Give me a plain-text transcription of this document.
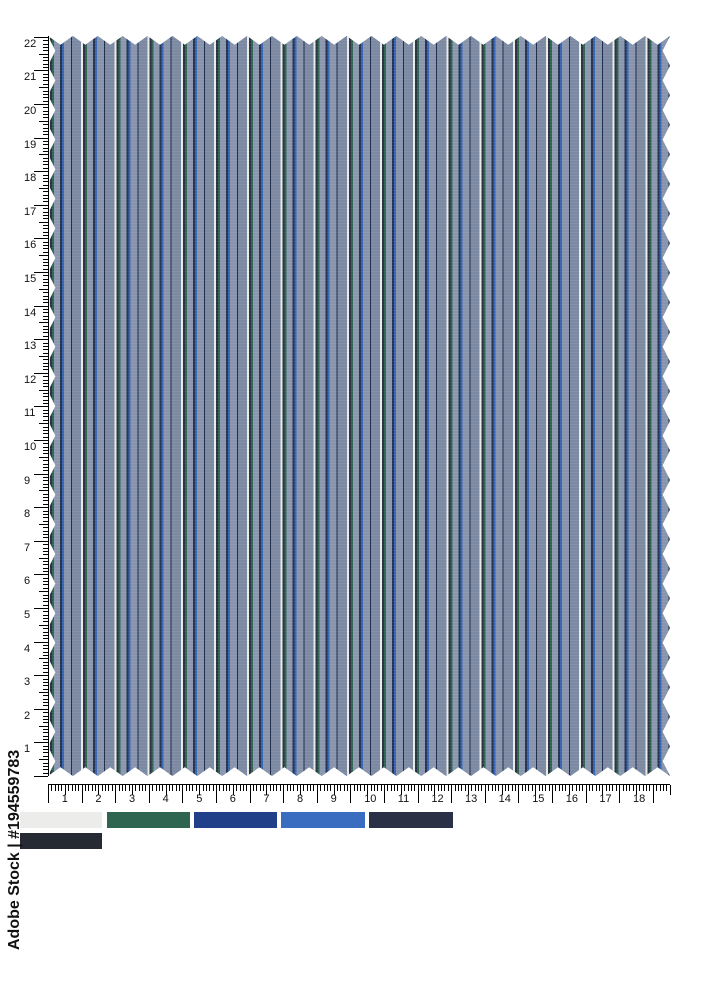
22
21
20
19
18
17
16
15
14
13
12
11
10
9
8
7
6
5
4
3
2
1
1 2 3 4 5 6 7 8 9 10 11 12 13 14 15 16 17 18
Adobe Stock | #194559783
